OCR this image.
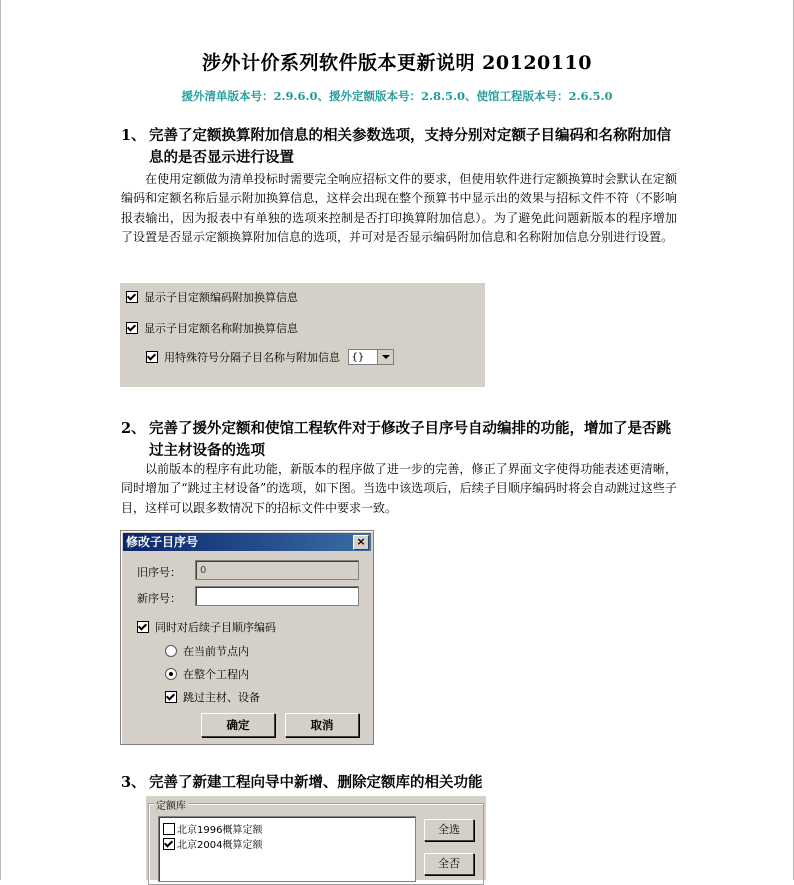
涉外计价系列软件版本更新说明 20120110
援外清单版本号：2.9.6.0、援外定额版本号：2.8.5.0、使馆工程版本号：2.6.5.0
1、 完善了定额换算附加信息的相关参数选项，支持分别对定额子目编码和名称附加信息的是否显示进行设置
在使用定额做为清单投标时需要完全响应招标文件的要求，但使用软件进行定额换算时会默认在定额编码和定额名称后显示附加换算信息，这样会出现在整个预算书中显示出的效果与招标文件不符（不影响报表输出，因为报表中有单独的选项来控制是否打印换算附加信息）。为了避免此问题新版本的程序增加了设置是否显示定额换算附加信息的选项，并可对是否显示编码附加信息和名称附加信息分别进行设置。
显示子目定额编码附加换算信息
显示子目定额名称附加换算信息
用特殊符号分隔子目名称与附加信息 {}
2、 完善了援外定额和使馆工程软件对于修改子目序号自动编排的功能，增加了是否跳过主材设备的选项
以前版本的程序有此功能，新版本的程序做了进一步的完善，修正了界面文字使得功能表述更清晰，同时增加了“跳过主材设备”的选项，如下图。当选中该选项后，后续子目顺序编码时将会自动跳过这些子目，这样可以跟多数情况下的招标文件中要求一致。
修改子目序号	×
旧序号：	0
新序号：
同时对后续子目顺序编码
在当前节点内
在整个工程内
跳过主材、设备
确定	取消
3、 完善了新建工程向导中新增、删除定额库的相关功能
定额库
北京1996概算定额
北京2004概算定额
全选
全否
